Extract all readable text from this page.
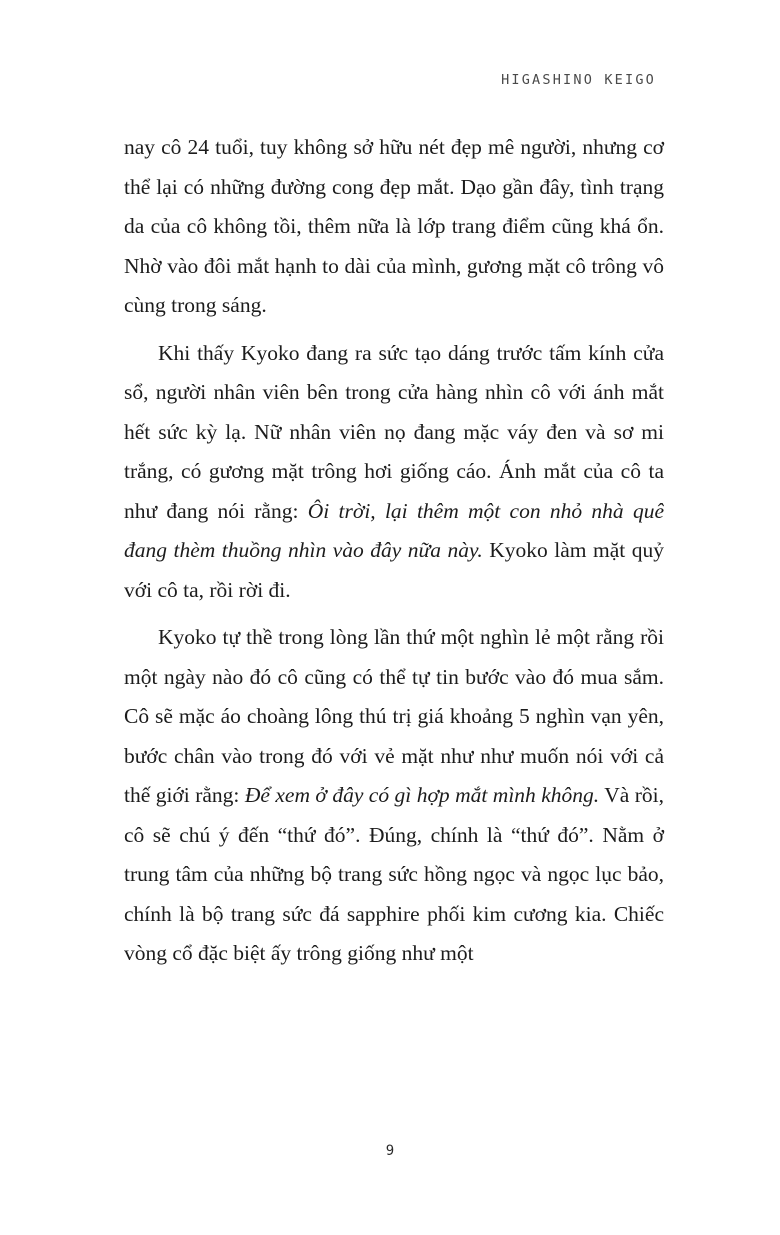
HIGASHINO KEIGO

nay cô 24 tuổi, tuy không sở hữu nét đẹp mê người, nhưng cơ thể lại có những đường cong đẹp mắt. Dạo gần đây, tình trạng da của cô không tồi, thêm nữa là lớp trang điểm cũng khá ổn. Nhờ vào đôi mắt hạnh to dài của mình, gương mặt cô trông vô cùng trong sáng.

Khi thấy Kyoko đang ra sức tạo dáng trước tấm kính cửa sổ, người nhân viên bên trong cửa hàng nhìn cô với ánh mắt hết sức kỳ lạ. Nữ nhân viên nọ đang mặc váy đen và sơ mi trắng, có gương mặt trông hơi giống cáo. Ánh mắt của cô ta như đang nói rằng: Ôi trời, lại thêm một con nhỏ nhà quê đang thèm thuồng nhìn vào đây nữa này. Kyoko làm mặt quỷ với cô ta, rồi rời đi.

Kyoko tự thề trong lòng lần thứ một nghìn lẻ một rằng rồi một ngày nào đó cô cũng có thể tự tin bước vào đó mua sắm. Cô sẽ mặc áo choàng lông thú trị giá khoảng 5 nghìn vạn yên, bước chân vào trong đó với vẻ mặt như như muốn nói với cả thế giới rằng: Để xem ở đây có gì hợp mắt mình không. Và rồi, cô sẽ chú ý đến “thứ đó”. Đúng, chính là “thứ đó”. Nằm ở trung tâm của những bộ trang sức hồng ngọc và ngọc lục bảo, chính là bộ trang sức đá sapphire phối kim cương kia. Chiếc vòng cổ đặc biệt ấy trông giống như một

9
